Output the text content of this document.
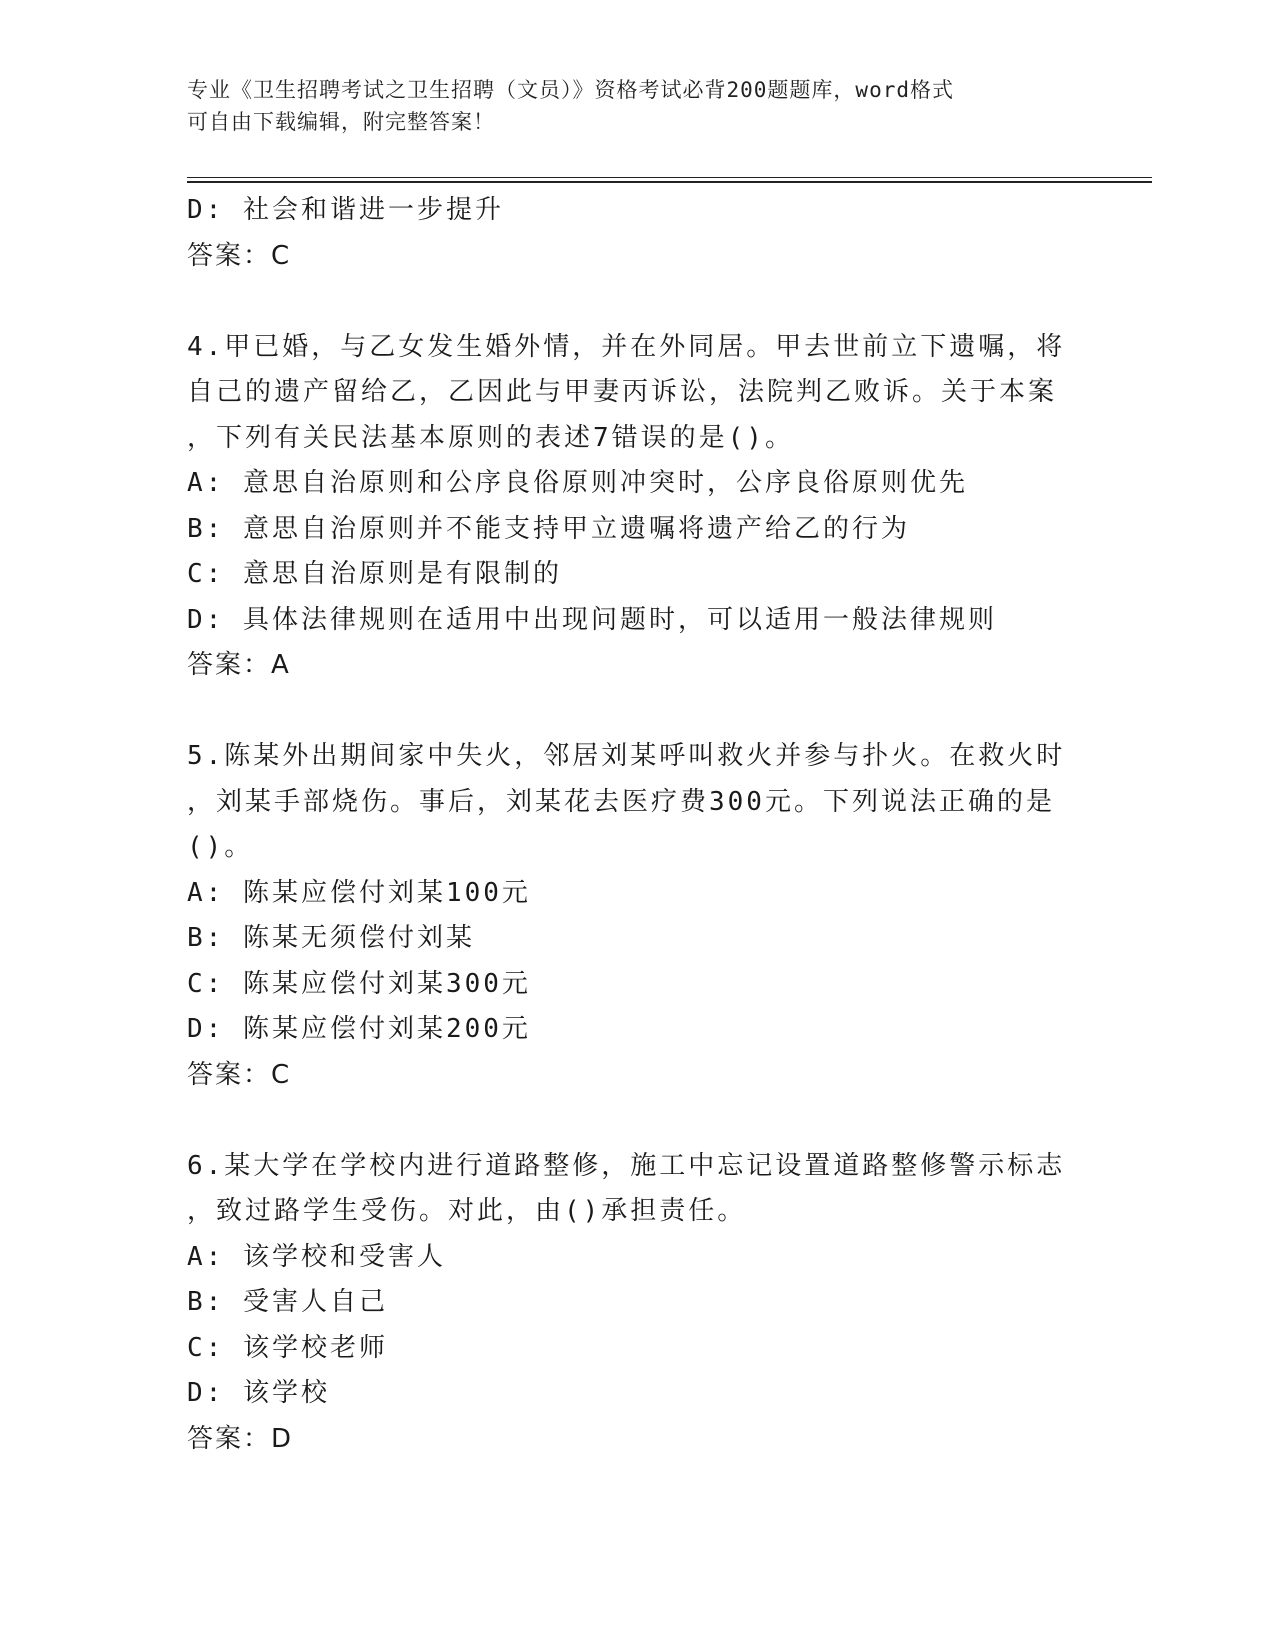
专业《卫生招聘考试之卫生招聘（文员）》资格考试必背200题题库，word格式
可自由下载编辑，附完整答案！
D: 社会和谐进一步提升
答案：C
4.甲已婚，与乙女发生婚外情，并在外同居。甲去世前立下遗嘱，将
自己的遗产留给乙，乙因此与甲妻丙诉讼，法院判乙败诉。关于本案
，下列有关民法基本原则的表述7错误的是()。
A: 意思自治原则和公序良俗原则冲突时，公序良俗原则优先
B: 意思自治原则并不能支持甲立遗嘱将遗产给乙的行为
C: 意思自治原则是有限制的
D: 具体法律规则在适用中出现问题时，可以适用一般法律规则
答案：A
5.陈某外出期间家中失火，邻居刘某呼叫救火并参与扑火。在救火时
，刘某手部烧伤。事后，刘某花去医疗费300元。下列说法正确的是
()。
A: 陈某应偿付刘某100元
B: 陈某无须偿付刘某
C: 陈某应偿付刘某300元
D: 陈某应偿付刘某200元
答案：C
6.某大学在学校内进行道路整修，施工中忘记设置道路整修警示标志
，致过路学生受伤。对此，由()承担责任。
A: 该学校和受害人
B: 受害人自己
C: 该学校老师
D: 该学校
答案：D
